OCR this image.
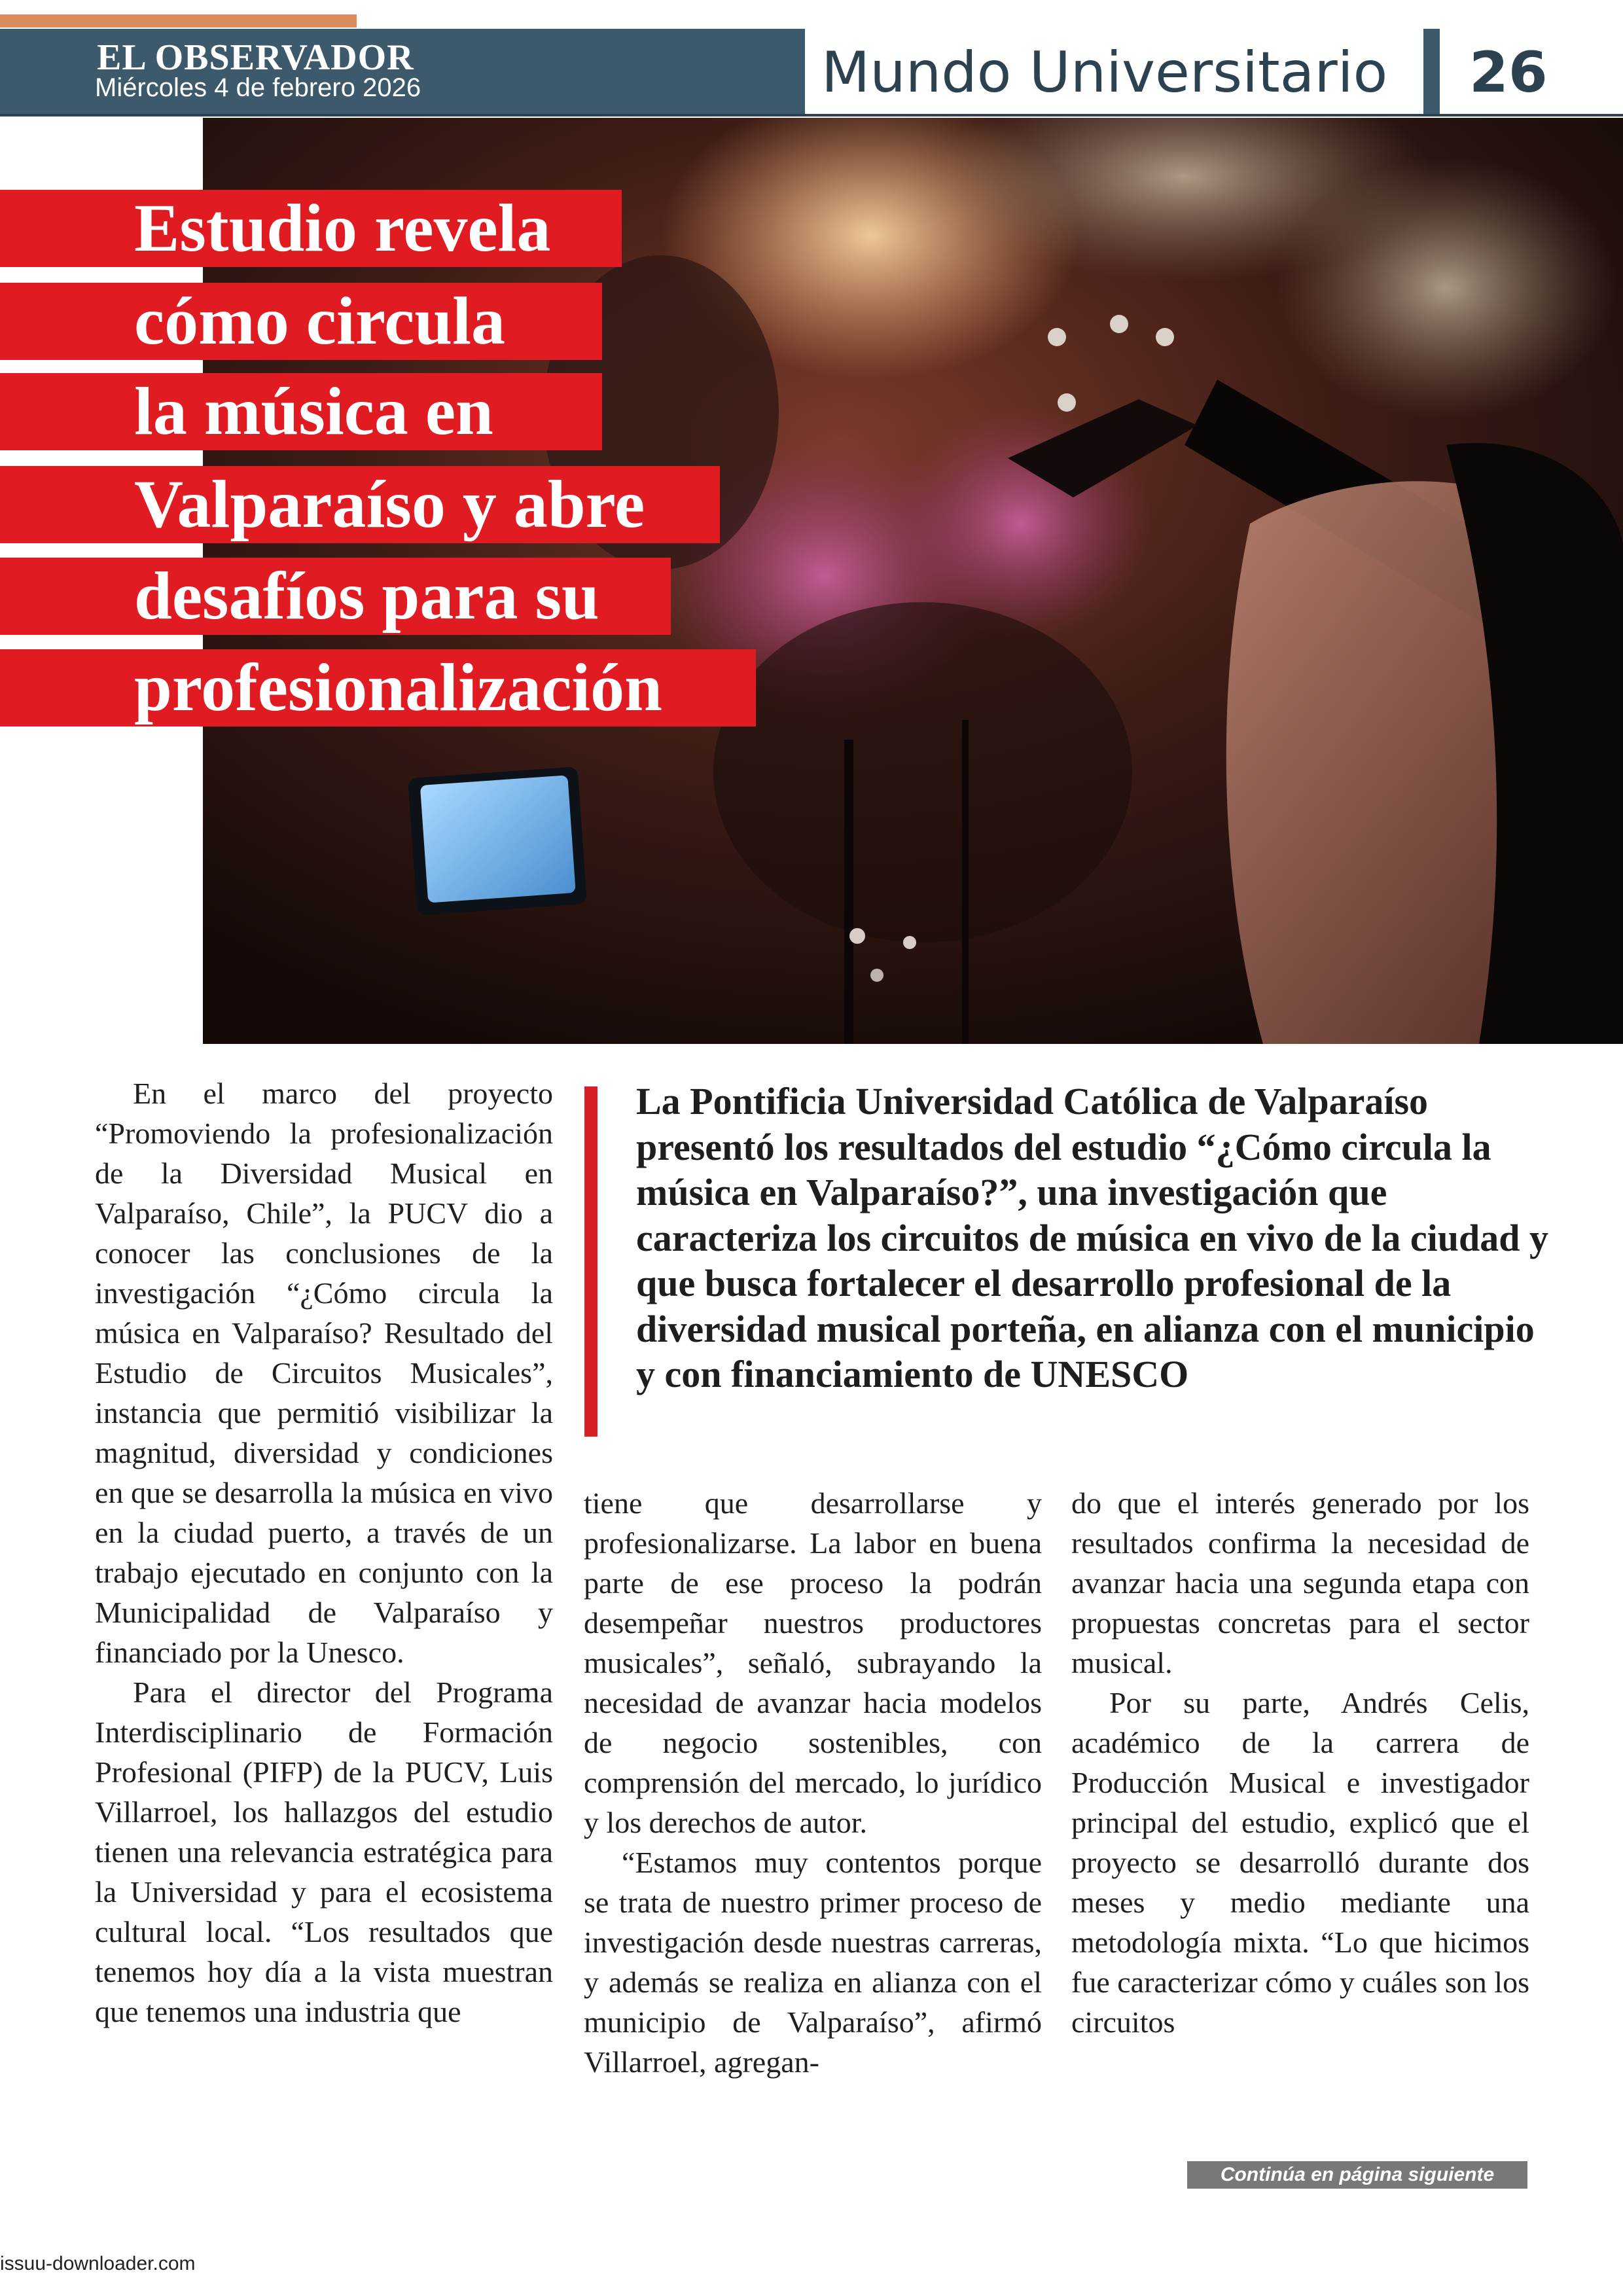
EL OBSERVADOR
Miércoles 4 de febrero 2026	Mundo Universitario 26
Estudio revela
cómo circula
la música en
Valparaíso y abre
desafíos para su
profesionalización
La Pontificia Universidad Católica de Valparaíso presentó los resultados del estudio “¿Cómo circula la música en Valparaíso?”, una investigación que caracteriza los circuitos de música en vivo de la ciudad y que busca fortalecer el desarrollo profesional de la diversidad musical porteña, en alianza con el municipio y con financiamiento de UNESCO

En el marco del proyecto “Promoviendo la profesionalización de la Diversidad Musical en Valparaíso, Chile”, la PUCV dio a conocer las conclusiones de la investigación “¿Cómo circula la música en Valparaíso? Resultado del Estudio de Circuitos Musicales”, instancia que permitió visibilizar la magnitud, diversidad y condiciones en que se desarrolla la música en vivo en la ciudad puerto, a través de un trabajo ejecutado en conjunto con la Municipalidad de Valparaíso y financiado por la Unesco.

Para el director del Programa Interdisciplinario de Formación Profesional (PIFP) de la PUCV, Luis Villarroel, los hallazgos del estudio tienen una relevancia estratégica para la Universidad y para el ecosistema cultural local. “Los resultados que tenemos hoy día a la vista muestran que tenemos una industria que

tiene que desarrollarse y profesionalizarse. La labor en buena parte de ese proceso la podrán desempeñar nuestros productores musicales”, señaló, subrayando la necesidad de avanzar hacia modelos de negocio sostenibles, con comprensión del mercado, lo jurídico y los derechos de autor.

“Estamos muy contentos porque se trata de nuestro primer proceso de investigación desde nuestras carreras, y además se realiza en alianza con el municipio de Valparaíso”, afirmó Villarroel, agregan-

do que el interés generado por los resultados confirma la necesidad de avanzar hacia una segunda etapa con propuestas concretas para el sector musical.

Por su parte, Andrés Celis, académico de la carrera de Producción Musical e investigador principal del estudio, explicó que el proyecto se desarrolló durante dos meses y medio mediante una metodología mixta. “Lo que hicimos fue caracterizar cómo y cuáles son los circuitos

Continúa en página siguiente
issuu-downloader.com
